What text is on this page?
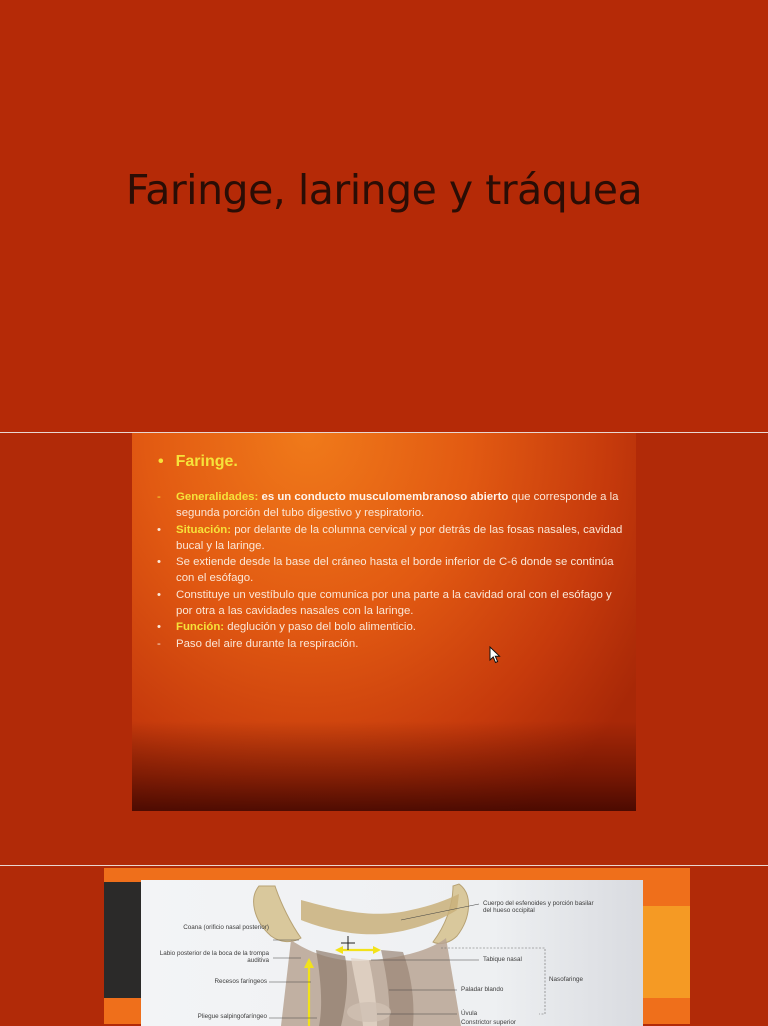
Faringe, laringe y tráquea
• Faringe.
- Generalidades: es un conducto musculomembranoso abierto que corresponde a la segunda porción del tubo digestivo y respiratorio.
• Situación: por delante de la columna cervical y por detrás de las fosas nasales, cavidad bucal y la laringe.
• Se extiende desde la base del cráneo hasta el borde inferior de C-6 donde se continúa con el esófago.
• Constituye un vestíbulo que comunica por una parte a la cavidad oral con el esófago y por otra a las cavidades nasales con la laringe.
• Función: deglución y paso del bolo alimenticio.
- Paso del aire durante la respiración.
Coana (orificio nasal posterior)
Labio posterior de la boca de la trompa auditiva
Recesos faríngeos
Pliegue salpingofaríngeo
Cuerpo del esfenoides y porción basilar del hueso occipital
Tabique nasal
Paladar blando
Úvula
Constrictor superior
Nasofaringe
